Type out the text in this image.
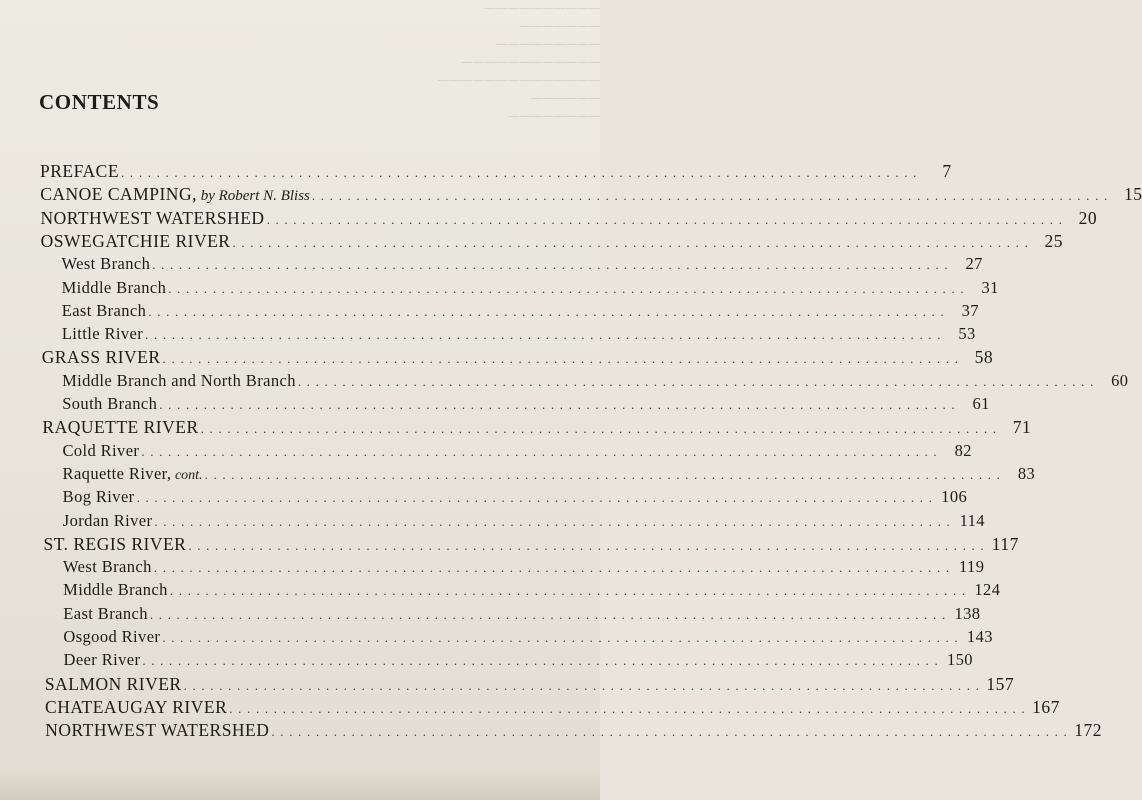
──────────
───────
─────────
────────────
──────────────
──────
────────
CONTENTS
PREFACE . . . . . . . . . . . . . . . . . . . . . . . . . . . . . . . . . . . . . . . . . . . . . . . . . . . . . . . . . . . . . . . . . . . . . . . . . . . . . . . . . . . . . . . . . .	7
CANOE CAMPING, by Robert N. Bliss . . . . . . . . . . . . . . . . . . . . . . . . . . . . . . . . . . . . . . . . . . . . . . . . . . . . . . . . . . . . . . . . . . . . . . . . . . . . . . . . . . . . . . . . . . 15
NORTHWEST WATERSHED . . . . . . . . . . . . . . . . . . . . . . . . . . . . . . . . . . . . . . . . . . . . . . . . . . . . . . . . . . . . . . . . . . . . . . . . . . . . . . . . . . . . . . . . . . 20
OSWEGATCHIE RIVER . . . . . . . . . . . . . . . . . . . . . . . . . . . . . . . . . . . . . . . . . . . . . . . . . . . . . . . . . . . . . . . . . . . . . . . . . . . . . . . . . . . . . . . . . . 25
West Branch . . . . . . . . . . . . . . . . . . . . . . . . . . . . . . . . . . . . . . . . . . . . . . . . . . . . . . . . . . . . . . . . . . . . . . . . . . . . . . . . . . . . . . . . . .	27
Middle Branch . . . . . . . . . . . . . . . . . . . . . . . . . . . . . . . . . . . . . . . . . . . . . . . . . . . . . . . . . . . . . . . . . . . . . . . . . . . . . . . . . . . . . . . . . .	31
East Branch . . . . . . . . . . . . . . . . . . . . . . . . . . . . . . . . . . . . . . . . . . . . . . . . . . . . . . . . . . . . . . . . . . . . . . . . . . . . . . . . . . . . . . . . . .	37
Little River . . . . . . . . . . . . . . . . . . . . . . . . . . . . . . . . . . . . . . . . . . . . . . . . . . . . . . . . . . . . . . . . . . . . . . . . . . . . . . . . . . . . . . . . . .	53
GRASS RIVER . . . . . . . . . . . . . . . . . . . . . . . . . . . . . . . . . . . . . . . . . . . . . . . . . . . . . . . . . . . . . . . . . . . . . . . . . . . . . . . . . . . . . . . . . . 58
Middle Branch and North Branch . . . . . . . . . . . . . . . . . . . . . . . . . . . . . . . . . . . . . . . . . . . . . . . . . . . . . . . . . . . . . . . . . . . . . . . . . . . . . . . . . . . . . . . . . .	60
South Branch . . . . . . . . . . . . . . . . . . . . . . . . . . . . . . . . . . . . . . . . . . . . . . . . . . . . . . . . . . . . . . . . . . . . . . . . . . . . . . . . . . . . . . . . . .	61
RAQUETTE RIVER . . . . . . . . . . . . . . . . . . . . . . . . . . . . . . . . . . . . . . . . . . . . . . . . . . . . . . . . . . . . . . . . . . . . . . . . . . . . . . . . . . . . . . . . . . 71
Cold River . . . . . . . . . . . . . . . . . . . . . . . . . . . . . . . . . . . . . . . . . . . . . . . . . . . . . . . . . . . . . . . . . . . . . . . . . . . . . . . . . . . . . . . . . .	82
Raquette River, cont. . . . . . . . . . . . . . . . . . . . . . . . . . . . . . . . . . . . . . . . . . . . . . . . . . . . . . . . . . . . . . . . . . . . . . . . . . . . . . . . . . . . . . . . . . .	83
Bog River . . . . . . . . . . . . . . . . . . . . . . . . . . . . . . . . . . . . . . . . . . . . . . . . . . . . . . . . . . . . . . . . . . . . . . . . . . . . . . . . . . . . . . . . . . 106
Jordan River . . . . . . . . . . . . . . . . . . . . . . . . . . . . . . . . . . . . . . . . . . . . . . . . . . . . . . . . . . . . . . . . . . . . . . . . . . . . . . . . . . . . . . . . . . 114
ST. REGIS RIVER . . . . . . . . . . . . . . . . . . . . . . . . . . . . . . . . . . . . . . . . . . . . . . . . . . . . . . . . . . . . . . . . . . . . . . . . . . . . . . . . . . . . . . . . . . 117
West Branch . . . . . . . . . . . . . . . . . . . . . . . . . . . . . . . . . . . . . . . . . . . . . . . . . . . . . . . . . . . . . . . . . . . . . . . . . . . . . . . . . . . . . . . . . . 119
Middle Branch . . . . . . . . . . . . . . . . . . . . . . . . . . . . . . . . . . . . . . . . . . . . . . . . . . . . . . . . . . . . . . . . . . . . . . . . . . . . . . . . . . . . . . . . . . 124
East Branch . . . . . . . . . . . . . . . . . . . . . . . . . . . . . . . . . . . . . . . . . . . . . . . . . . . . . . . . . . . . . . . . . . . . . . . . . . . . . . . . . . . . . . . . . . 138
Osgood River . . . . . . . . . . . . . . . . . . . . . . . . . . . . . . . . . . . . . . . . . . . . . . . . . . . . . . . . . . . . . . . . . . . . . . . . . . . . . . . . . . . . . . . . . . 143
Deer River . . . . . . . . . . . . . . . . . . . . . . . . . . . . . . . . . . . . . . . . . . . . . . . . . . . . . . . . . . . . . . . . . . . . . . . . . . . . . . . . . . . . . . . . . . 150
SALMON RIVER . . . . . . . . . . . . . . . . . . . . . . . . . . . . . . . . . . . . . . . . . . . . . . . . . . . . . . . . . . . . . . . . . . . . . . . . . . . . . . . . . . . . . . . . . . 157
CHATEAUGAY RIVER . . . . . . . . . . . . . . . . . . . . . . . . . . . . . . . . . . . . . . . . . . . . . . . . . . . . . . . . . . . . . . . . . . . . . . . . . . . . . . . . . . . . . . . . . . 167
NORTHWEST WATERSHED . . . . . . . . . . . . . . . . . . . . . . . . . . . . . . . . . . . . . . . . . . . . . . . . . . . . . . . . . . . . . . . . . . . . . . . . . . . . . . . . . . . . . . . . . . 172
